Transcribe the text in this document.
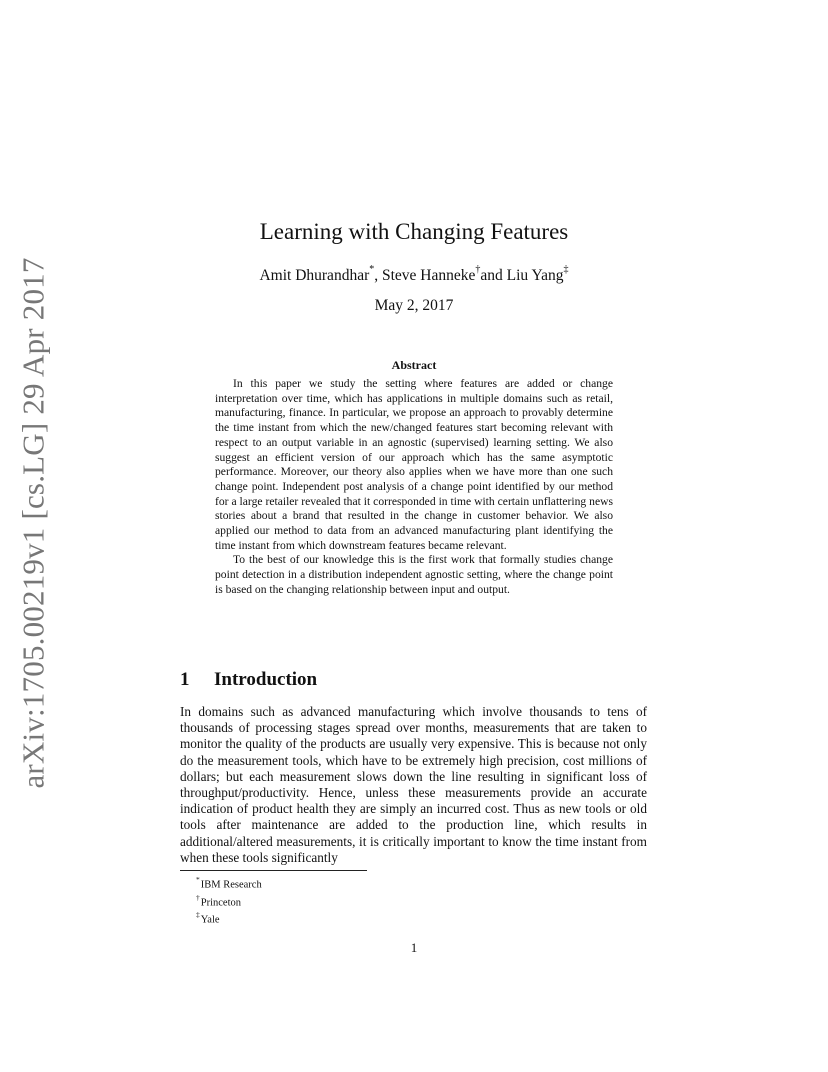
arXiv:1705.00219v1 [cs.LG] 29 Apr 2017
Learning with Changing Features
Amit Dhurandhar*, Steve Hanneke†and Liu Yang‡
May 2, 2017
Abstract

In this paper we study the setting where features are added or change interpretation over time, which has applications in multiple domains such as retail, manufacturing, finance. In particular, we propose an approach to provably determine the time instant from which the new/changed features start becoming relevant with respect to an output variable in an agnostic (supervised) learning setting. We also suggest an efficient version of our approach which has the same asymptotic performance. Moreover, our theory also applies when we have more than one such change point. Independent post analysis of a change point identified by our method for a large retailer revealed that it corresponded in time with certain unflattering news stories about a brand that resulted in the change in customer behavior. We also applied our method to data from an advanced manufacturing plant identifying the time instant from which downstream features became relevant.

To the best of our knowledge this is the first work that formally studies change point detection in a distribution independent agnostic setting, where the change point is based on the changing relationship between input and output.

1 Introduction

In domains such as advanced manufacturing which involve thousands to tens of thousands of processing stages spread over months, measurements that are taken to monitor the quality of the products are usually very expensive. This is because not only do the measurement tools, which have to be extremely high precision, cost millions of dollars; but each measurement slows down the line resulting in significant loss of throughput/productivity. Hence, unless these measurements provide an accurate indication of product health they are simply an incurred cost. Thus as new tools or old tools after maintenance are added to the production line, which results in additional/altered measurements, it is critically important to know the time instant from when these tools significantly

*IBM Research
†Princeton
‡Yale
1
